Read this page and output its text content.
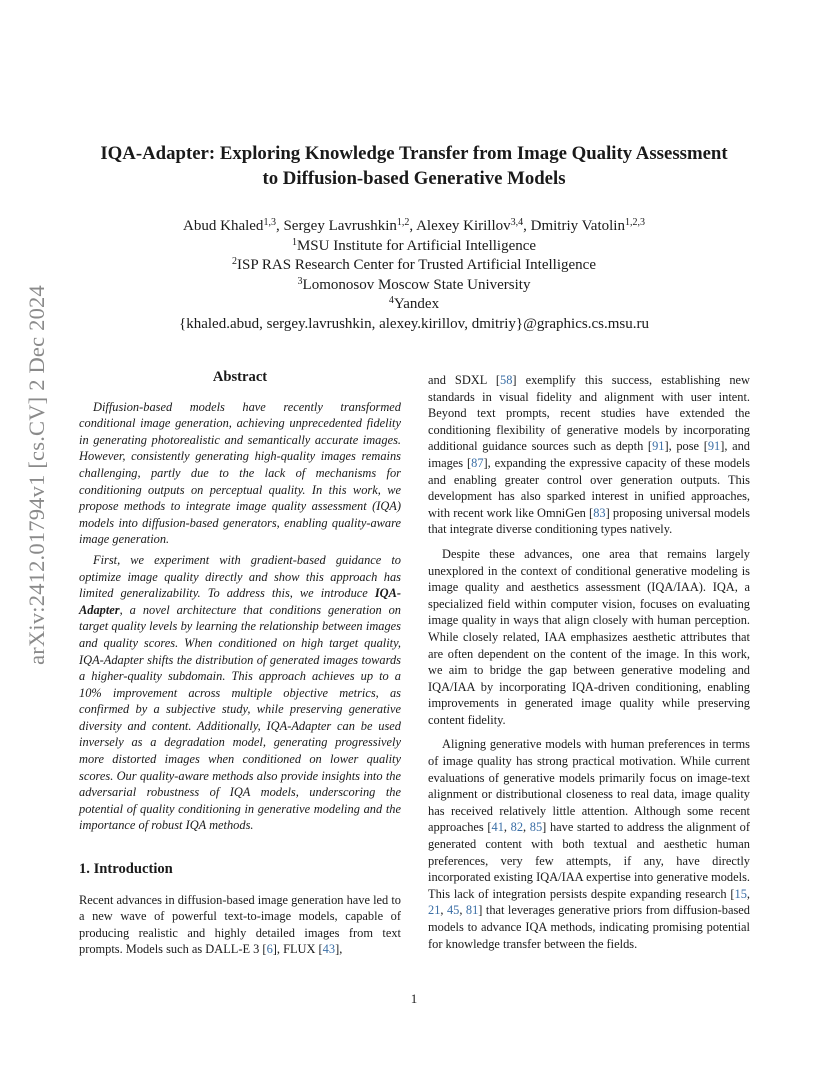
arXiv:2412.01794v1 [cs.CV] 2 Dec 2024
IQA-Adapter: Exploring Knowledge Transfer from Image Quality Assessment
to Diffusion-based Generative Models
Abud Khaled$^{1,3}$, Sergey Lavrushkin$^{1,2}$, Alexey Kirillov$^{3,4}$, Dmitriy Vatolin$^{1,2,3}$
$^1$MSU Institute for Artificial Intelligence
$^2$ISP RAS Research Center for Trusted Artificial Intelligence
$^3$Lomonosov Moscow State University
$^4$Yandex
{khaled.abud, sergey.lavrushkin, alexey.kirillov, dmitriy}@graphics.cs.msu.ru
Abstract

Diffusion-based models have recently transformed conditional image generation, achieving unprecedented fidelity in generating photorealistic and semantically accurate images. However, consistently generating high-quality images remains challenging, partly due to the lack of mechanisms for conditioning outputs on perceptual quality. In this work, we propose methods to integrate image quality assessment (IQA) models into diffusion-based generators, enabling quality-aware image generation.

First, we experiment with gradient-based guidance to optimize image quality directly and show this approach has limited generalizability. To address this, we introduce IQA-Adapter, a novel architecture that conditions generation on target quality levels by learning the relationship between images and quality scores. When conditioned on high target quality, IQA-Adapter shifts the distribution of generated images towards a higher-quality subdomain. This approach achieves up to a 10% improvement across multiple objective metrics, as confirmed by a subjective study, while preserving generative diversity and content. Additionally, IQA-Adapter can be used inversely as a degradation model, generating progressively more distorted images when conditioned on lower quality scores. Our quality-aware methods also provide insights into the adversarial robustness of IQA models, underscoring the potential of quality conditioning in generative modeling and the importance of robust IQA methods.

1. Introduction

Recent advances in diffusion-based image generation have led to a new wave of powerful text-to-image models, capable of producing realistic and highly detailed images from text prompts. Models such as DALL-E 3 [6], FLUX [43],

and SDXL [58] exemplify this success, establishing new standards in visual fidelity and alignment with user intent. Beyond text prompts, recent studies have extended the conditioning flexibility of generative models by incorporating additional guidance sources such as depth [91], pose [91], and images [87], expanding the expressive capacity of these models and enabling greater control over generation outputs. This development has also sparked interest in unified approaches, with recent work like OmniGen [83] proposing universal models that integrate diverse conditioning types natively.

Despite these advances, one area that remains largely unexplored in the context of conditional generative modeling is image quality and aesthetics assessment (IQA/IAA). IQA, a specialized field within computer vision, focuses on evaluating image quality in ways that align closely with human perception. While closely related, IAA emphasizes aesthetic attributes that are often dependent on the content of the image. In this work, we aim to bridge the gap between generative modeling and IQA/IAA by incorporating IQA-driven conditioning, enabling improvements in generated image quality while preserving content fidelity.

Aligning generative models with human preferences in terms of image quality has strong practical motivation. While current evaluations of generative models primarily focus on image-text alignment or distributional closeness to real data, image quality has received relatively little attention. Although some recent approaches [41, 82, 85] have started to address the alignment of generated content with both textual and aesthetic human preferences, very few attempts, if any, have directly incorporated existing IQA/IAA expertise into generative models. This lack of integration persists despite expanding research [15, 21, 45, 81] that leverages generative priors from diffusion-based models to advance IQA methods, indicating promising potential for knowledge transfer between the fields.

1
